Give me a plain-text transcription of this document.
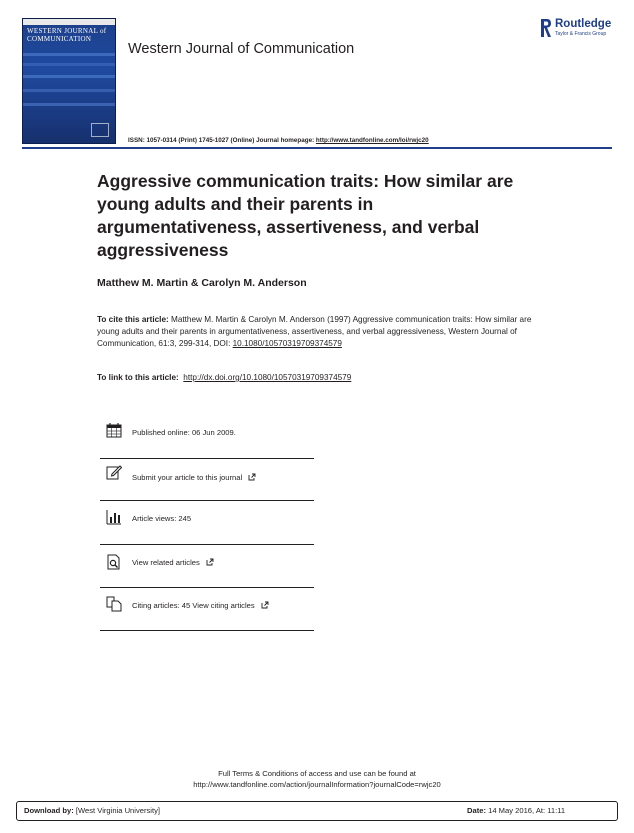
WESTERN JOURNAL of COMMUNICATION
Western Journal of Communication
Routledge
Taylor & Francis Group
ISSN: 1057-0314 (Print) 1745-1027 (Online) Journal homepage: http://www.tandfonline.com/loi/rwjc20
Aggressive communication traits: How similar are young adults and their parents in argumentativeness, assertiveness, and verbal aggressiveness
Matthew M. Martin & Carolyn M. Anderson
To cite this article: Matthew M. Martin & Carolyn M. Anderson (1997) Aggressive communication traits: How similar are young adults and their parents in argumentativeness, assertiveness, and verbal aggressiveness, Western Journal of Communication, 61:3, 299-314, DOI: 10.1080/10570319709374579
To link to this article: http://dx.doi.org/10.1080/10570319709374579
Published online: 06 Jun 2009.
Submit your article to this journal
Article views: 245
View related articles
Citing articles: 45 View citing articles
Full Terms & Conditions of access and use can be found at
http://www.tandfonline.com/action/journalInformation?journalCode=rwjc20
Download by: [West Virginia University]	Date: 14 May 2016, At: 11:11
